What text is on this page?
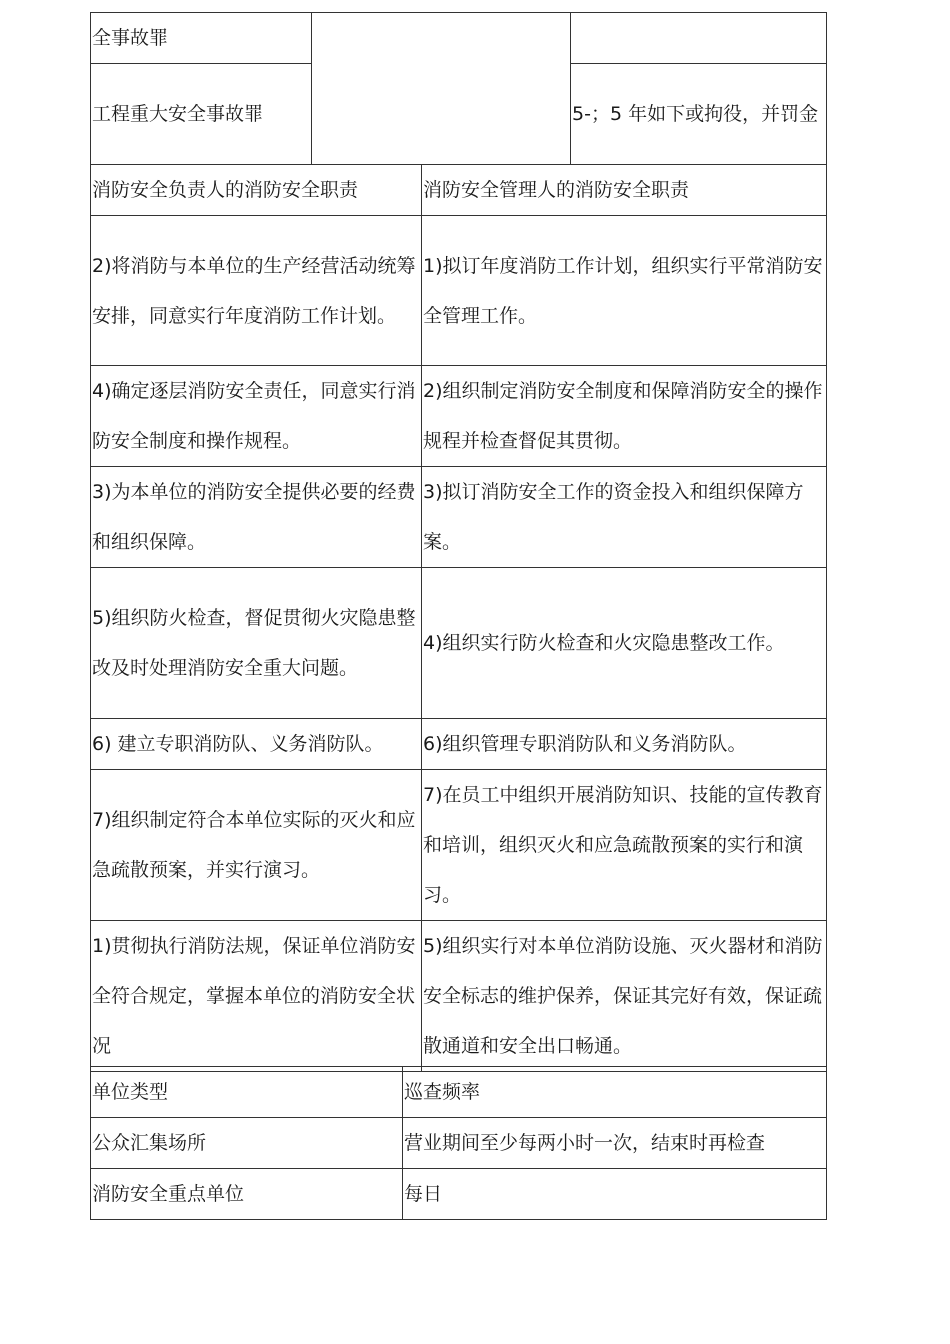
全事故罪		
工程重大安全事故罪		5-；5 年如下或拘役，并罚金
消防安全负责人的消防安全职责	消防安全管理人的消防安全职责
2)将消防与本单位的生产经营活动统筹安排，同意实行年度消防工作计划。	1)拟订年度消防工作计划，组织实行平常消防安全管理工作。
4)确定逐层消防安全责任，同意实行消防安全制度和操作规程。	2)组织制定消防安全制度和保障消防安全的操作规程并检查督促其贯彻。
3)为本单位的消防安全提供必要的经费和组织保障。	3)拟订消防安全工作的资金投入和组织保障方案。
5)组织防火检查，督促贯彻火灾隐患整改及时处理消防安全重大问题。	4)组织实行防火检查和火灾隐患整改工作。
6) 建立专职消防队、义务消防队。	6)组织管理专职消防队和义务消防队。
7)组织制定符合本单位实际的灭火和应急疏散预案，并实行演习。	7)在员工中组织开展消防知识、技能的宣传教育和培训，组织灭火和应急疏散预案的实行和演习。
1)贯彻执行消防法规，保证单位消防安全符合规定，掌握本单位的消防安全状况	5)组织实行对本单位消防设施、灭火器材和消防安全标志的维护保养，保证其完好有效，保证疏散通道和安全出口畅通。
单位类型	巡查频率
公众汇集场所	营业期间至少每两小时一次，结束时再检查
消防安全重点单位	每日
